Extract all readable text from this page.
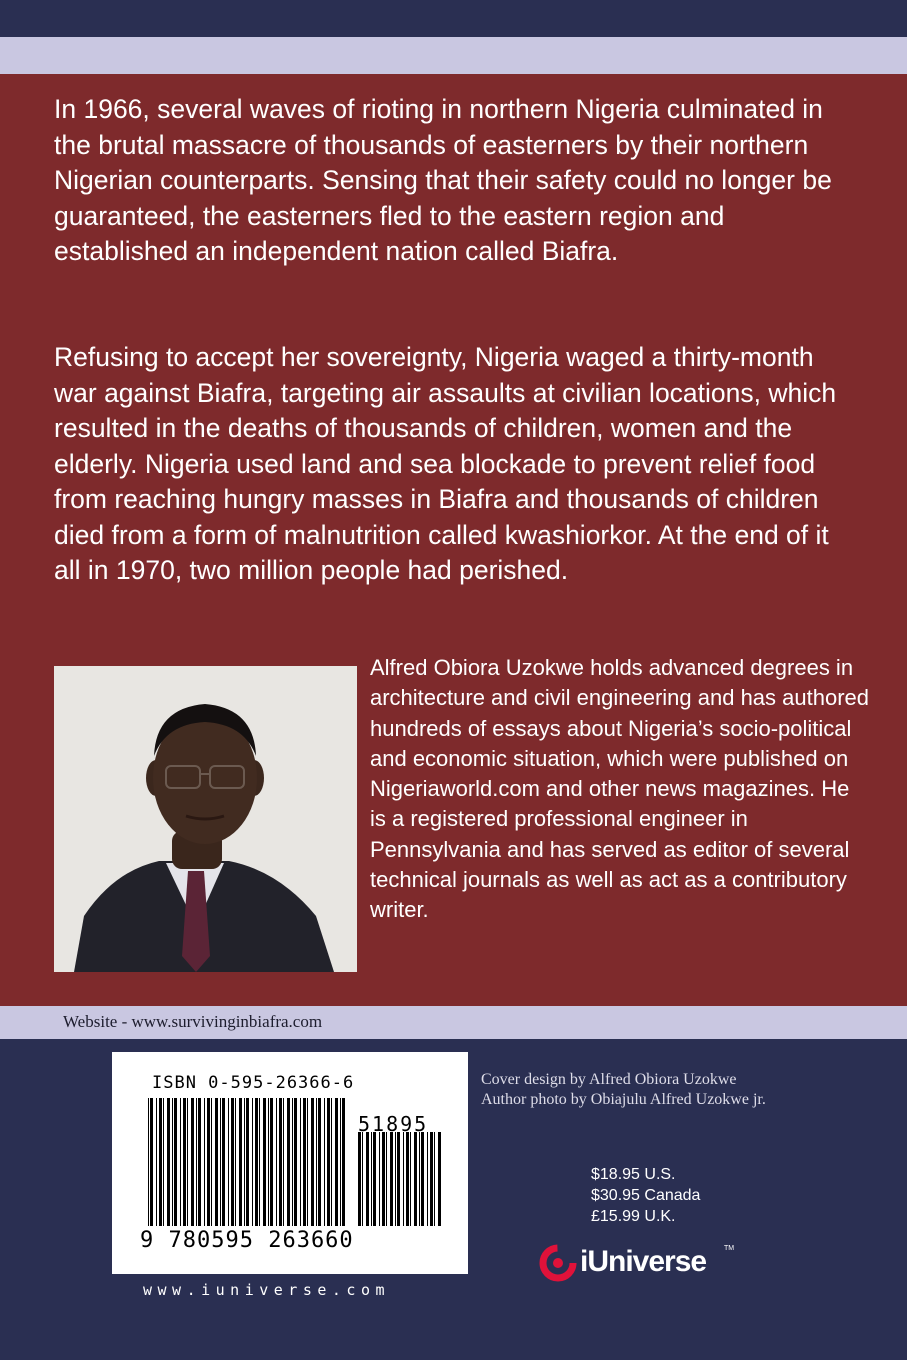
In 1966, several waves of rioting in northern Nigeria culminated in the brutal massacre of thousands of easterners by their northern Nigerian counterparts. Sensing that their safety could no longer be guaranteed, the easterners fled to the eastern region and established an independent nation called Biafra.

Refusing to accept her sovereignty, Nigeria waged a thirty-month war against Biafra, targeting air assaults at civilian locations, which resulted in the deaths of thousands of children, women and the elderly. Nigeria used land and sea blockade to prevent relief food from reaching hungry masses in Biafra and thousands of children died from a form of malnutrition called kwashiorkor. At the end of it all in 1970, two million people had perished.

Alfred Obiora Uzokwe holds advanced degrees in architecture and civil engineering and has authored hundreds of essays about Nigeria’s socio-political and economic situation, which were published on Nigeriaworld.com and other news magazines. He is a registered professional engineer in Pennsylvania and has served as editor of several technical journals as well as act as a contributory writer.

Website - www.survivinginbiafra.com
ISBN 0-595-26366-6
51895
9 780595 263660
www.iuniverse.com
Cover design by Alfred Obiora Uzokwe
Author photo by Obiajulu Alfred Uzokwe jr.
$18.95 U.S.
$30.95 Canada
£15.99 U.K.
iUniverse	TM
